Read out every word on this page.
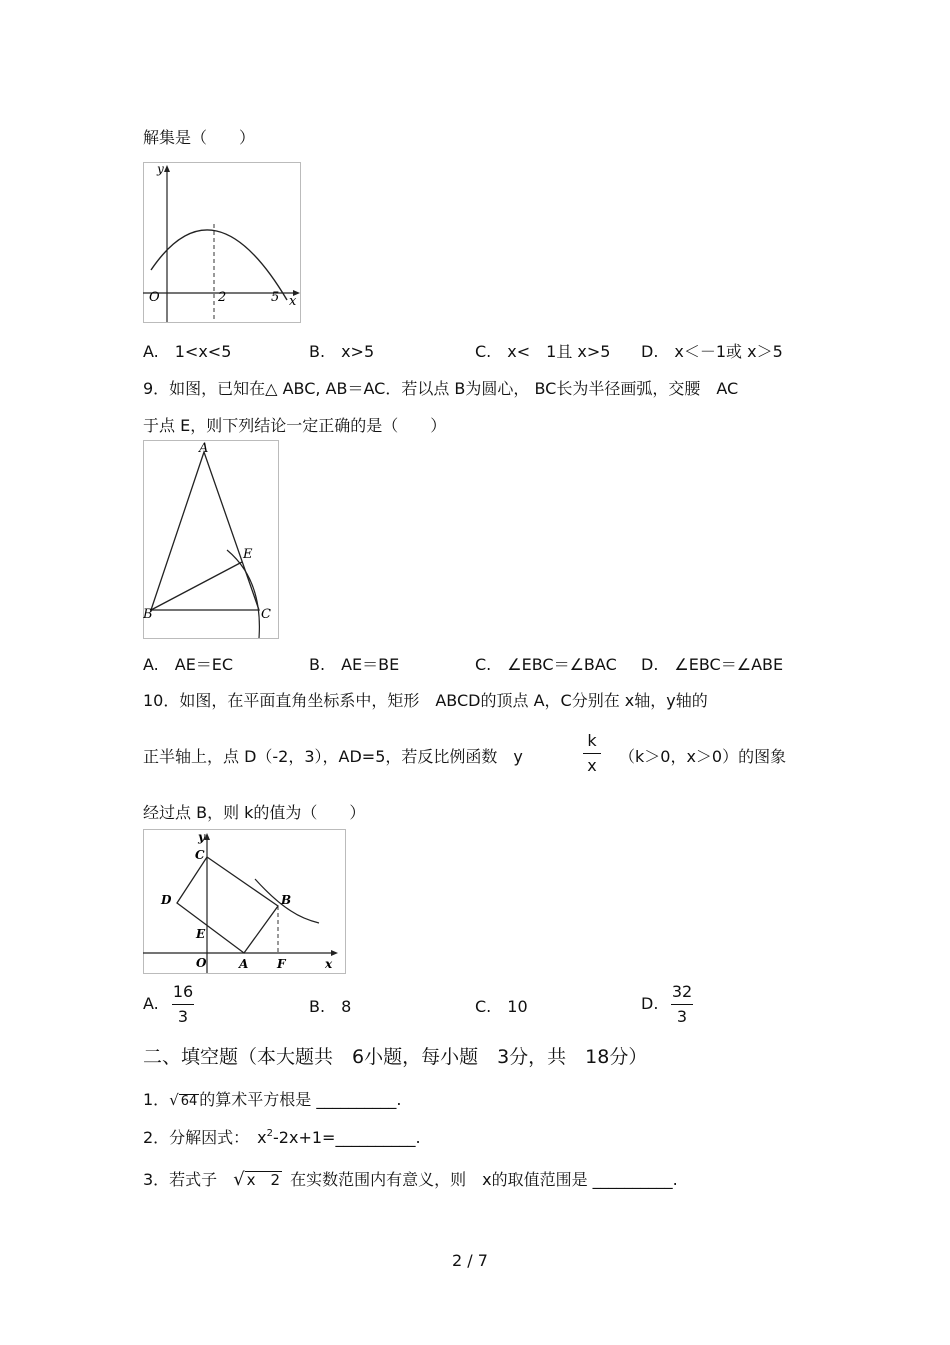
解集是（　　）
y
O	2	5 x
A.　1<x<5	B.　x>5	C.　x<　1且 x>5 D.　x＜－1或 x＞5
9．如图，已知在△ ABC, AB＝AC．若以点 B为圆心， BC长为半径画弧，交腰　AC
于点 E，则下列结论一定正确的是（　　）
A
B	C
E
A.　AE＝EC	B.　AE＝BE	C.　∠EBC＝∠BAC D.　∠EBC＝∠ABE
10．如图，在平面直角坐标系中，矩形　ABCD的顶点 A，C分别在 x轴，y轴的
正半轴上，点 D（-2，3），AD=5，若反比例函数　y
k
x （k＞0，x＞0）的图象
经过点 B，则 k的值为（　　）
y
C
D	B
E
O	A F	x
A.
16
3
B.　8	C.　10	D.
32
3
二、填空题（本大题共　6小题，每小题　3分，共　18分）
1．√ 64 的算术平方根是 __________.
2．分解因式：　$x^2-2x+1=\_\_\_\_\_\_\_\_\_\_$.
3．若式子  √ x　2  在实数范围内有意义，则　x的取值范围是 __________.
2 / 7
